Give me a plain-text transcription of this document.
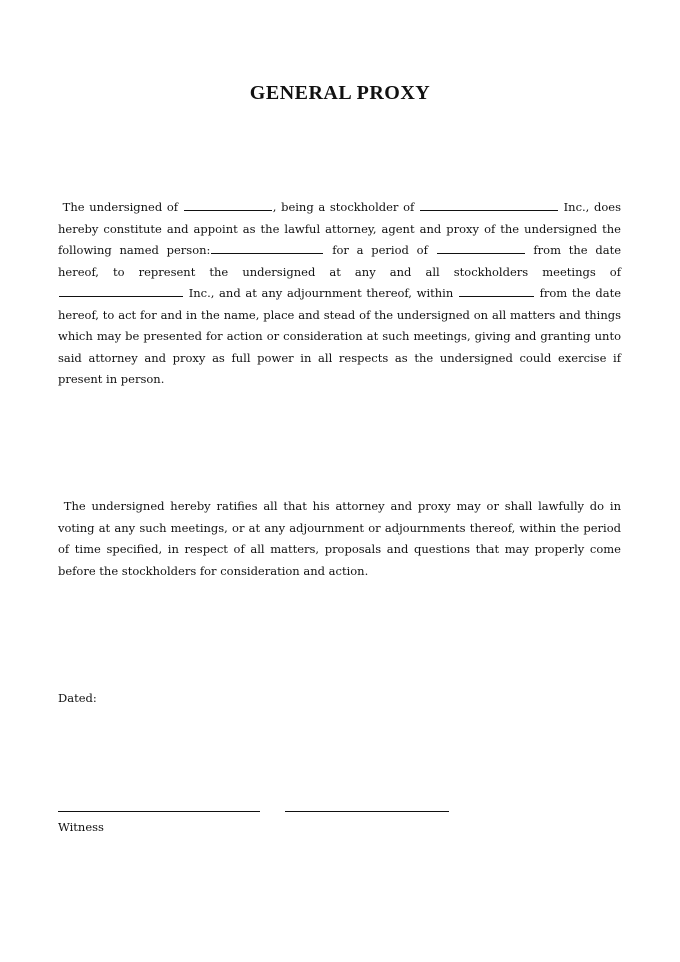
GENERAL PROXY
The undersigned of	, being a stockholder of	Inc., does hereby constitute and appoint as the lawful attorney, agent and proxy of the undersigned the following named person:	for a period of	from the date hereof, to represent the undersigned at any and all stockholders meetings of  Inc., and at any adjournment thereof, within	from the date hereof, to act for and in the name, place and stead of the undersigned on all matters and things which may be presented for action or consideration at such meetings, giving and granting unto said attorney and proxy as full power in all respects as the undersigned could exercise if present in person.
The undersigned hereby ratifies all that his attorney and proxy may or shall lawfully do in voting at any such meetings, or at any adjournment or adjournments thereof, within the period of time specified, in respect of all matters, proposals and questions that may properly come before the stockholders for consideration and action.
Dated:
Witness
